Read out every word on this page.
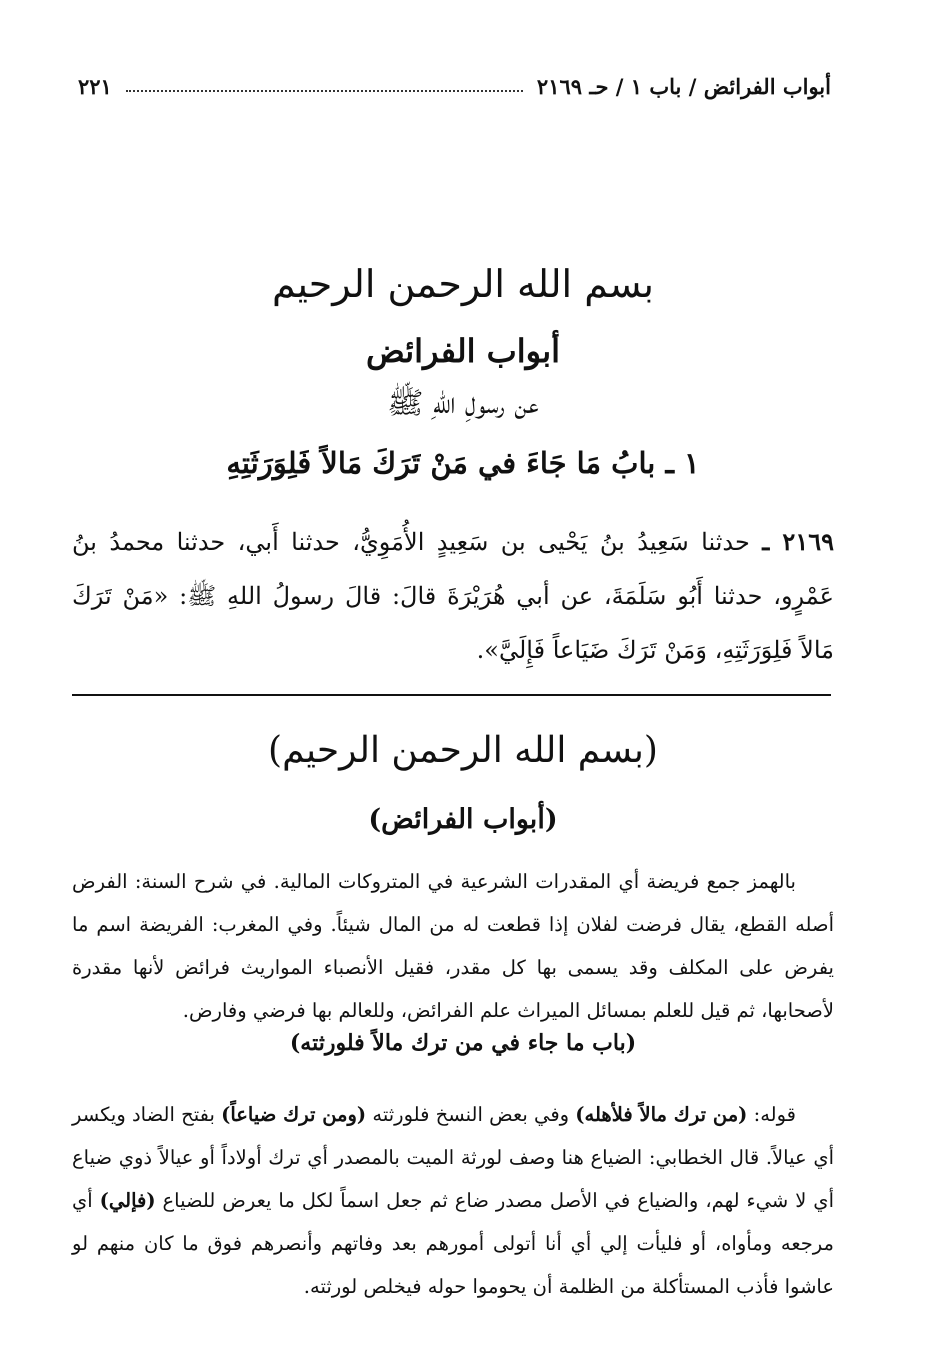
أبواب الفرائض / باب ١ / حـ ٢١٦٩
٢٢١
بسم الله الرحمن الرحيم
أبواب الفرائض
عن رسولِ اللهِ ﷺ
١ ـ بابُ مَا جَاءَ في مَنْ تَرَكَ مَالاً فَلِوَرَثَتِهِ
٢١٦٩ ـ حدثنا سَعِيدُ بنُ يَحْيى بن سَعِيدٍ الأُمَوِيُّ، حدثنا أَبي، حدثنا محمدُ بنُ عَمْرٍو، حدثنا أَبُو سَلَمَةَ، عن أبي هُرَيْرَةَ قالَ: قالَ رسولُ اللهِ ﷺ: «مَنْ تَرَكَ مَالاً فَلِوَرَثَتِهِ، وَمَنْ تَرَكَ ضَيَاعاً فَإِلَيَّ».
(بسم الله الرحمن الرحيم)
(أبواب الفرائض)
بالهمز جمع فريضة أي المقدرات الشرعية في المتروكات المالية. في شرح السنة: الفرض أصله القطع، يقال فرضت لفلان إذا قطعت له من المال شيئاً. وفي المغرب: الفريضة اسم ما يفرض على المكلف وقد يسمى بها كل مقدر، فقيل الأنصباء المواريث فرائض لأنها مقدرة لأصحابها، ثم قيل للعلم بمسائل الميراث علم الفرائض، وللعالم بها فرضي وفارض.
(باب ما جاء في من ترك مالاً فلورثته)
قوله: (من ترك مالاً فلأهله) وفي بعض النسخ فلورثته (ومن ترك ضياعاً) بفتح الضاد ويكسر أي عيالاً. قال الخطابي: الضياع هنا وصف لورثة الميت بالمصدر أي ترك أولاداً أو عيالاً ذوي ضياع أي لا شيء لهم، والضياع في الأصل مصدر ضاع ثم جعل اسماً لكل ما يعرض للضياع (فإلي) أي مرجعه ومأواه، أو فليأت إلي أي أنا أتولى أمورهم بعد وفاتهم وأنصرهم فوق ما كان منهم لو عاشوا فأذب المستأكلة من الظلمة أن يحوموا حوله فيخلص لورثته.
